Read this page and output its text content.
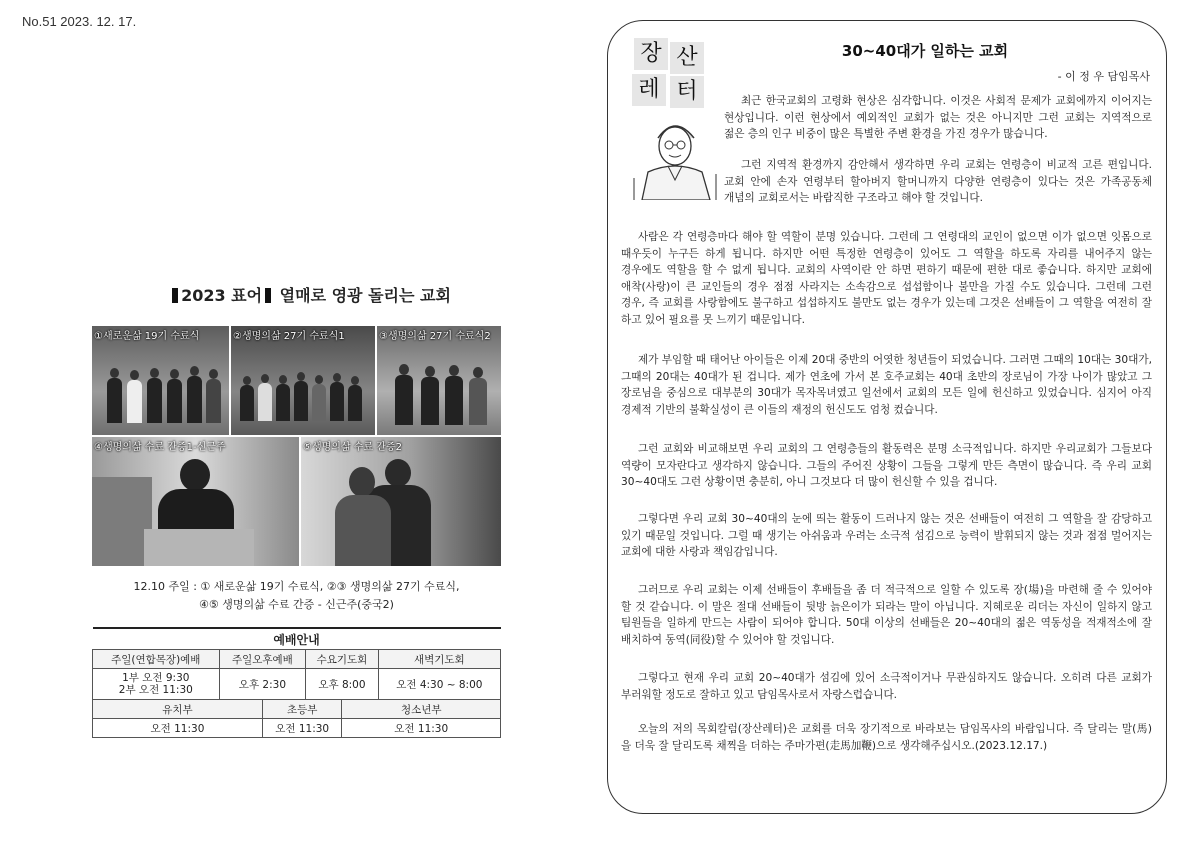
No.51 2023. 12. 17.
2023 표어 열매로 영광 돌리는 교회
①새로운삶 19기 수료식	②생명의삶 27기 수료식1	③생명의삶 27기 수료식2
④생명의삶 수료 간증1-신근주	⑤생명의삶 수료 간증2
12.10 주일 : ① 새로운삶 19기 수료식, ②③ 생명의삶 27기 수료식,
④⑤ 생명의삶 수료 간증 - 신근주(중국2)
예배안내					
주일(연합목장)예배	주일오후예배		수요기도회		새벽기도회

1부 오전 9:30
2부 오전 11:30	오후 2:30		오후 8:00		오전 4:30 ~ 8:00
유치부		초등부		청소년부	
오전 11:30		오전 11:30		오전 11:30	
장 산
레 터
30~40대가 일하는 교회
- 이 정 우 담임목사

최근 한국교회의 고령화 현상은 심각합니다. 이것은 사회적 문제가 교회에까지 이어지는 현상입니다. 이런 현상에서 예외적인 교회가 없는 것은 아니지만 그런 교회는 지역적으로 젊은 층의 인구 비중이 많은 특별한 주변 환경을 가진 경우가 많습니다.

그런 지역적 환경까지 감안해서 생각하면 우리 교회는 연령층이 비교적 고른 편입니다. 교회 안에 손자 연령부터 할아버지 할머니까지 다양한 연령층이 있다는 것은 가족공동체 개념의 교회로서는 바람직한 구조라고 해야 할 것입니다.

사람은 각 연령층마다 해야 할 역할이 분명 있습니다. 그런데 그 연령대의 교인이 없으면 이가 없으면 잇몸으로 때우듯이 누구든 하게 됩니다. 하지만 어떤 특정한 연령층이 있어도 그 역할을 하도록 자리를 내어주지 않는 경우에도 역할을 할 수 없게 됩니다. 교회의 사역이란 안 하면 편하기 때문에 편한 대로 좋습니다. 하지만 교회에 애착(사랑)이 큰 교인들의 경우 점점 사라지는 소속감으로 섭섭함이나 불만을 가질 수도 있습니다. 그런데 그런 경우, 즉 교회를 사랑함에도 불구하고 섭섭하지도 불만도 없는 경우가 있는데 그것은 선배들이 그 역할을 여전히 잘 하고 있어 필요를 못 느끼기 때문입니다.

제가 부임할 때 태어난 아이들은 이제 20대 중반의 어엿한 청년들이 되었습니다. 그러면 그때의 10대는 30대가, 그때의 20대는 40대가 된 겁니다. 제가 연초에 가서 본 호주교회는 40대 초반의 장로님이 가장 나이가 많았고 그 장로님을 중심으로 대부분의 30대가 목자목녀였고 일선에서 교회의 모든 일에 헌신하고 있었습니다. 심지어 아직 경제적 기반의 불확실성이 큰 이들의 재정의 헌신도도 엄청 컸습니다.

그런 교회와 비교해보면 우리 교회의 그 연령층들의 활동력은 분명 소극적입니다. 하지만 우리교회가 그들보다 역량이 모자란다고 생각하지 않습니다. 그들의 주어진 상황이 그들을 그렇게 만든 측면이 많습니다. 즉 우리 교회 30~40대도 그런 상황이면 충분히, 아니 그것보다 더 많이 헌신할 수 있을 겁니다.

그렇다면 우리 교회 30~40대의 눈에 띄는 활동이 드러나지 않는 것은 선배들이 여전히 그 역할을 잘 감당하고 있기 때문일 것입니다. 그럴 때 생기는 아쉬움과 우려는 소극적 섬김으로 능력이 발휘되지 않는 것과 점점 멀어지는 교회에 대한 사랑과 책임감입니다.

그러므로 우리 교회는 이제 선배들이 후배들을 좀 더 적극적으로 일할 수 있도록 장(場)을 마련해 줄 수 있어야 할 것 같습니다. 이 말은 절대 선배들이 뒷방 늙은이가 되라는 말이 아닙니다. 지혜로운 리더는 자신이 일하지 않고 팀원들을 일하게 만드는 사람이 되어야 합니다. 50대 이상의 선배들은 20~40대의 젊은 역동성을 적재적소에 잘 배치하여 동역(同役)할 수 있어야 할 것입니다.

그렇다고 현재 우리 교회 20~40대가 섬김에 있어 소극적이거나 무관심하지도 않습니다. 오히려 다른 교회가 부러워할 정도로 잘하고 있고 담임목사로서 자랑스럽습니다.

오늘의 저의 목회칼럼(장산레터)은 교회를 더욱 장기적으로 바라보는 담임목사의 바람입니다. 즉 달리는 말(馬)을 더욱 잘 달리도록 채찍을 더하는 주마가편(走馬加鞭)으로 생각해주십시오.(2023.12.17.)
